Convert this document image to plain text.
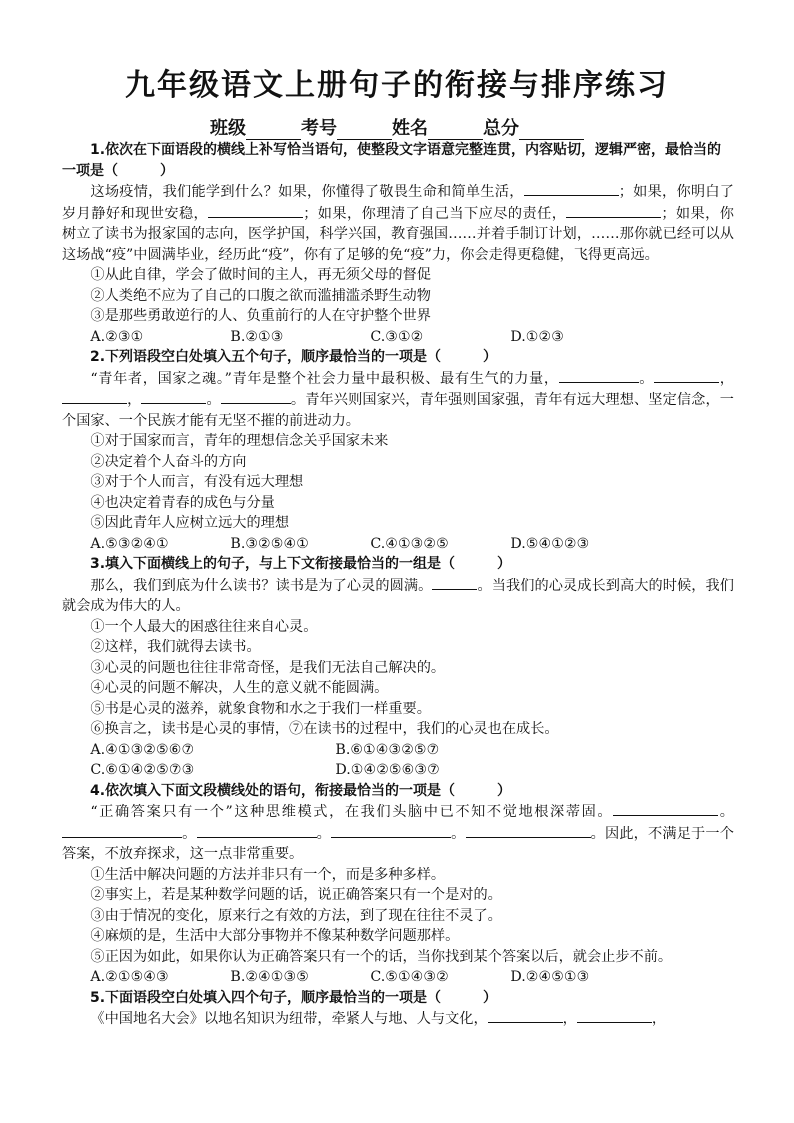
九年级语文上册句子的衔接与排序练习
班级	考号	姓名	总分

1.依次在下面语段的横线上补写恰当语句，使整段文字语意完整连贯，内容贴切，逻辑严密，最恰当的一项是（　　　）

这场疫情，我们能学到什么？如果，你懂得了敬畏生命和简单生活，	；如果，你明白了岁月静好和现世安稳，	；如果，你理清了自己当下应尽的责任，	；如果，你树立了读书为报家国的志向，医学护国，科学兴国，教育强国……并着手制订计划，……那你就已经可以从这场战“疫”中圆满毕业，经历此“疫”，你有了足够的免“疫”力，你会走得更稳健，飞得更高远。

①从此自律，学会了做时间的主人，再无须父母的督促

②人类绝不应为了自己的口腹之欲而滥捕滥杀野生动物

③是那些勇敢逆行的人、负重前行的人在守护整个世界

A.②③①	B.②①③	C.③①②	D.①②③

2.下列语段空白处填入五个句子，顺序最恰当的一项是（　　　）

“青年者，国家之魂。”青年是整个社会力量中最积极、最有生气的力量，	。	，，	。	。青年兴则国家兴，青年强则国家强，青年有远大理想、坚定信念，一个国家、一个民族才能有无坚不摧的前进动力。

①对于国家而言，青年的理想信念关乎国家未来

②决定着个人奋斗的方向

③对于个人而言，有没有远大理想

④也决定着青春的成色与分量

⑤因此青年人应树立远大的理想

A.⑤③②④①	B.③②⑤④①	C.④①③②⑤	D.⑤④①②③

3.填入下面横线上的句子，与上下文衔接最恰当的一组是（　　　）

那么，我们到底为什么读书？读书是为了心灵的圆满。	。当我们的心灵成长到高大的时候，我们就会成为伟大的人。

①一个人最大的困惑往往来自心灵。

②这样，我们就得去读书。

③心灵的问题也往往非常奇怪，是我们无法自己解决的。

④心灵的问题不解决，人生的意义就不能圆满。

⑤书是心灵的滋养，就象食物和水之于我们一样重要。

⑥换言之，读书是心灵的事情，⑦在读书的过程中，我们的心灵也在成长。

A.④①③②⑤⑥⑦	B.⑥①④③②⑤⑦

C.⑥①④②⑤⑦③	D.①④②⑤⑥③⑦

4.依次填入下面文段横线处的语句，衔接最恰当的一项是（　　　）

“正确答案只有一个”这种思维模式，在我们头脑中已不知不觉地根深蒂固。	。。	。	。	。因此，不满足于一个答案，不放弃探求，这一点非常重要。

①生活中解决问题的方法并非只有一个，而是多种多样。

②事实上，若是某种数学问题的话，说正确答案只有一个是对的。

③由于情况的变化，原来行之有效的方法，到了现在往往不灵了。

④麻烦的是，生活中大部分事物并不像某种数学问题那样。

⑤正因为如此，如果你认为正确答案只有一个的话，当你找到某个答案以后，就会止步不前。

A.②①⑤④③	B.②④①③⑤	C.⑤①④③②	D.②④⑤①③

5.下面语段空白处填入四个句子，顺序最恰当的一项是（　　　）

《中国地名大会》以地名知识为纽带，牵紧人与地、人与文化，	，	，
